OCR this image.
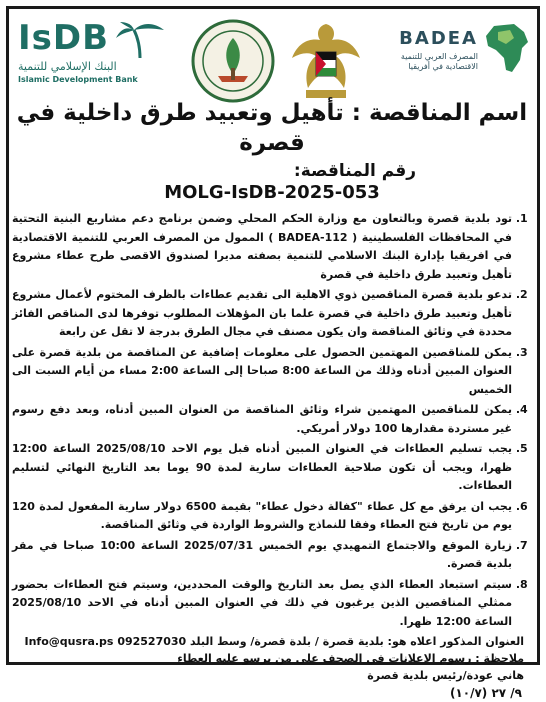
IsDB
البنك الإسلامي للتنمية
Islamic Development Bank
BADEA
المصرف العربي للتنمية الاقتصادية في أفريقيا
اسم المناقصة : تأهيل وتعبيد طرق داخلية في قصرة
رقم المناقصة:
MOLG-IsDB-2025-053
1. تود بلدية قصرة وبالتعاون مع وزارة الحكم المحلي وضمن برنامج دعم مشاريع البنية التحتية في المحافظات الفلسطينية ( BADEA-112 ) الممول من المصرف العربي للتنمية الاقتصادية في افريقيا بإدارة البنك الاسلامي للتنمية بصفته مديرا لصندوق الاقصى طرح عطاء مشروع تأهيل وتعبيد طرق داخلية في قصرة
2. تدعو بلدية قصرة المناقصين ذوي الاهلية الى تقديم عطاءات بالظرف المختوم لأعمال مشروع تأهيل وتعبيد طرق داخلية في قصرة علما بان المؤهلات المطلوب توفرها لدى المناقص الفائز محددة في وثائق المناقصة وان يكون مصنف في مجال الطرق بدرجة لا تقل عن رابعة
3. يمكن للمناقصين المهتمين الحصول على معلومات إضافية عن المناقصة من بلدية قصرة على العنوان المبين أدناه وذلك من الساعة 8:00 صباحا إلى الساعة 2:00 مساء من أيام السبت الى الخميس
4. يمكن للمناقصين المهتمين شراء وثائق المناقصة من العنوان المبين أدناه، وبعد دفع رسوم غير مستردة مقدارها 100 دولار أمريكي.
5. يجب تسليم العطاءات في العنوان المبين أدناه قبل يوم الاحد 2025/08/10 الساعة 12:00 ظهرا، ويجب أن تكون صلاحية العطاءات سارية لمدة 90 يوما بعد التاريخ النهائي لتسليم العطاءات.
6. يجب ان يرفق مع كل عطاء "كفالة دخول عطاء" بقيمة 6500 دولار سارية المفعول لمدة 120 يوم من تاريخ فتح العطاء وفقا للنماذج والشروط الواردة في وثائق المناقصة.
7. زيارة الموقع والاجتماع التمهيدي يوم الخميس 2025/07/31 الساعة 10:00 صباحا في مقر بلدية قصرة.
8. سيتم استبعاد العطاء الذي يصل بعد التاريخ والوقت المحددين، وسيتم فتح العطاءات بحضور ممثلي المناقصين الذين يرغبون في ذلك في العنوان المبين أدناه في الاحد 2025/08/10 الساعة 12:00 ظهرا.
العنوان المذكور اعلاه هو: بلدية قصرة / بلدة قصرة/ وسط البلد 092527030 Info@qusra.ps
ملاحظة : رسوم الاعلانات في الصحف على من يرسو عليه العطاء
هاني عودة/رئيس بلدية قصرة
٩/ ٢٧ (١٠/٧)
